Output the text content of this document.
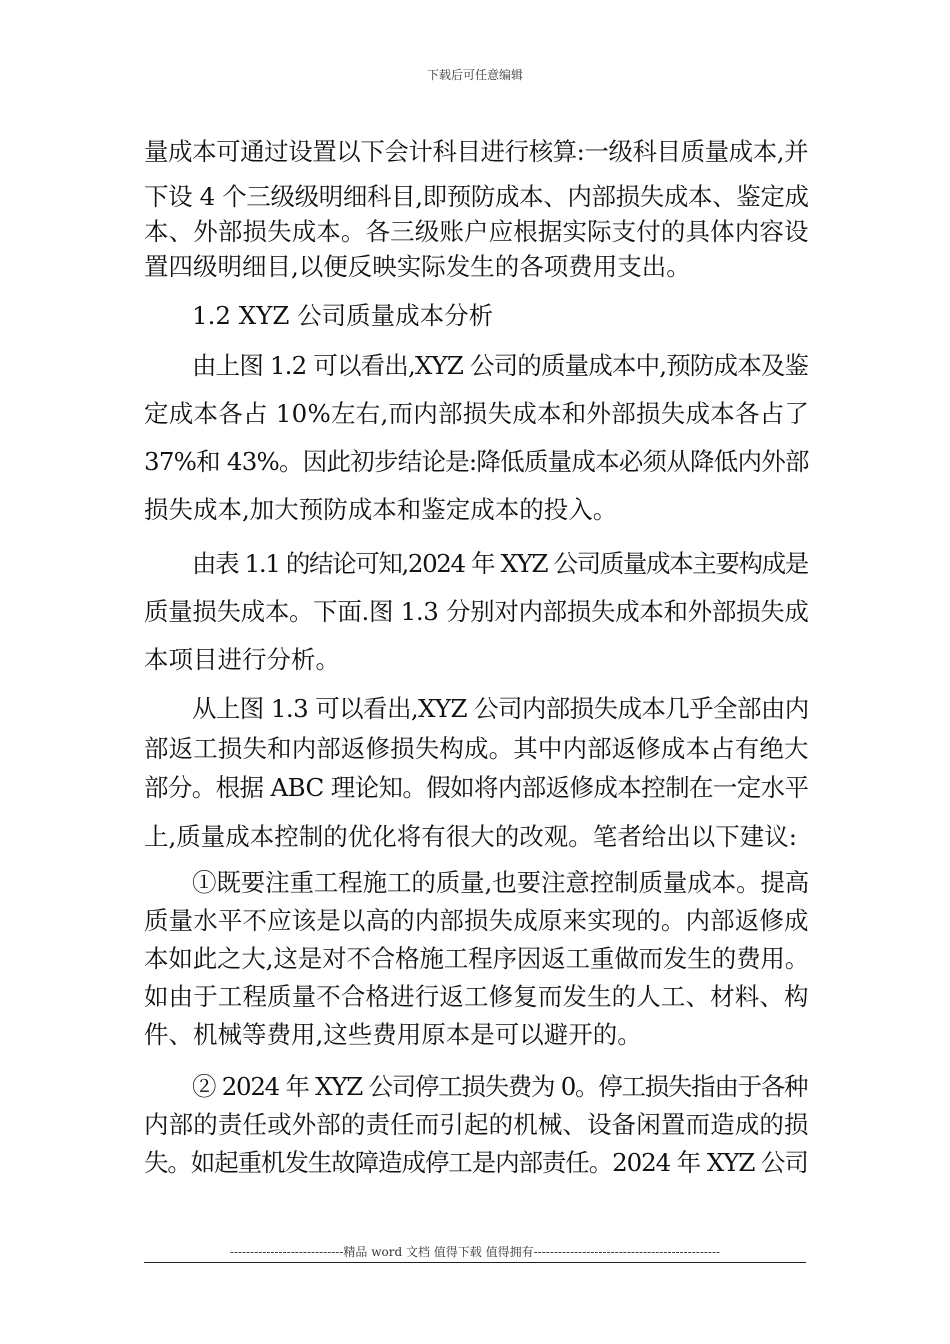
下载后可任意编辑

量成本可通过设置以下会计科目进行核算:一级科目质量成本,并
下设 4 个三级级明细科目,即预防成本、内部损失成本、鉴定成
本、外部损失成本。各三级账户应根据实际支付的具体内容设
置四级明细目,以便反映实际发生的各项费用支出。

1.2 XYZ 公司质量成本分析

由上图 1.2 可以看出,XYZ 公司的质量成本中,预防成本及鉴
定成本各占 10%左右,而内部损失成本和外部损失成本各占了
37%和 43%。因此初步结论是:降低质量成本必须从降低内外部
损失成本,加大预防成本和鉴定成本的投入。

由表 1.1 的结论可知,2024 年 XYZ 公司质量成本主要构成是
质量损失成本。下面.图 1.3 分别对内部损失成本和外部损失成
本项目进行分析。

从上图 1.3 可以看出,XYZ 公司内部损失成本几乎全部由内
部返工损失和内部返修损失构成。其中内部返修成本占有绝大
部分。根据 ABC 理论知。假如将内部返修成本控制在一定水平
上,质量成本控制的优化将有很大的改观。笔者给出以下建议:

①既要注重工程施工的质量,也要注意控制质量成本。提高
质量水平不应该是以高的内部损失成原来实现的。内部返修成
本如此之大,这是对不合格施工程序因返工重做而发生的费用。
如由于工程质量不合格进行返工修复而发生的人工、材料、构
件、机械等费用,这些费用原本是可以避开的。

② 2024 年 XYZ 公司停工损失费为 0。停工损失指由于各种
内部的责任或外部的责任而引起的机械、设备闲置而造成的损
失。如起重机发生故障造成停工是内部责任。2024 年 XYZ 公司

----------------------------精品 word 文档 值得下载 值得拥有----------------------------------------------
